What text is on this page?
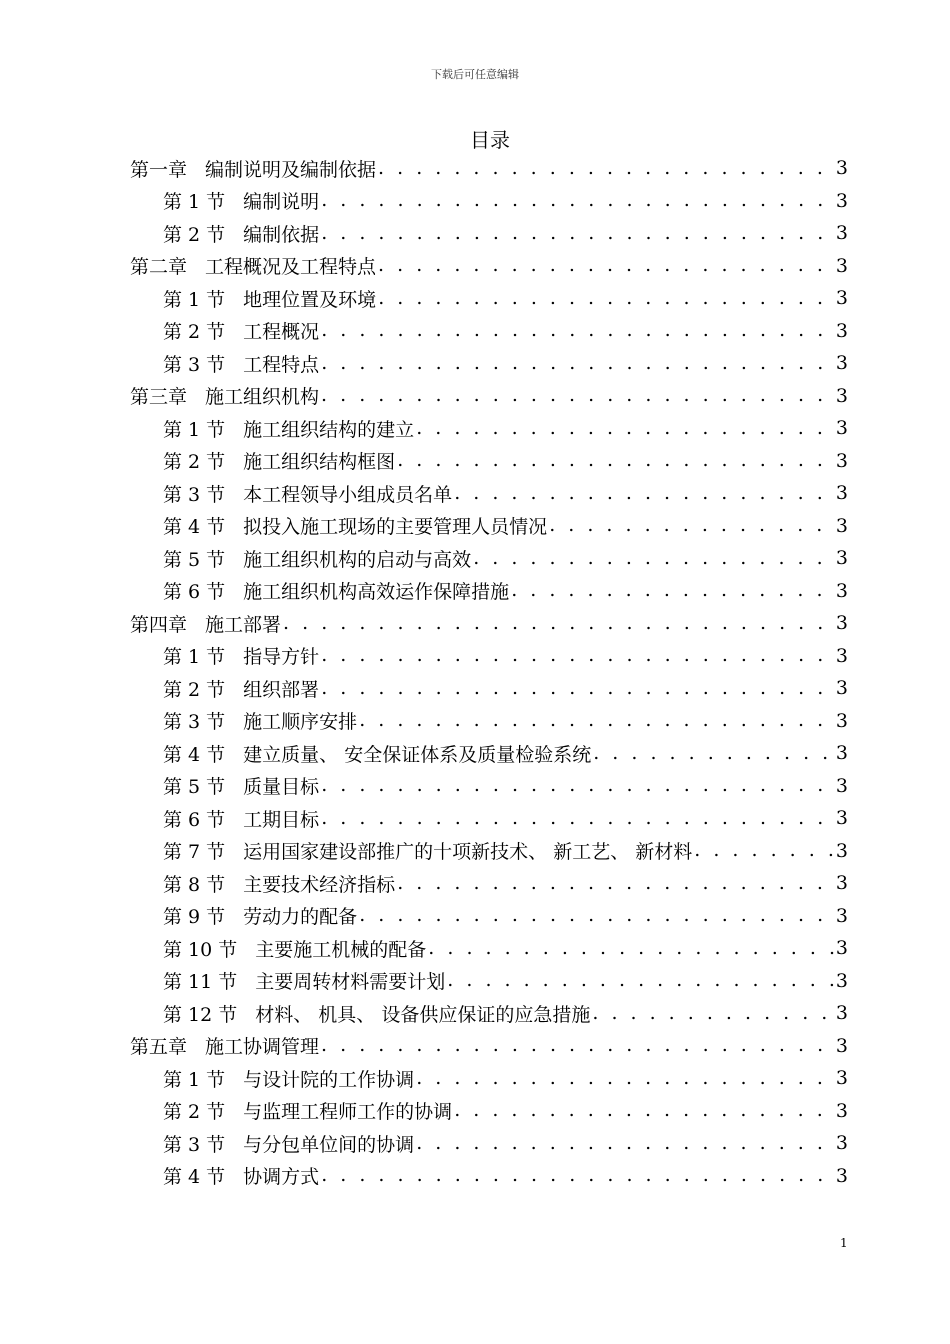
下载后可任意编辑
目录
第一章 编制说明及编制依据 . . .	3
第 1 节 编制说明 . . .	3
第 2 节 编制依据 . . .	3
第二章 工程概况及工程特点 . . .	3
第 1 节 地理位置及环境 . . .	3
第 2 节 工程概况 . . .	3
第 3 节 工程特点 . . .	3
第三章 施工组织机构 . . .	3
第 1 节 施工组织结构的建立 . . .	3
第 2 节 施工组织结构框图 . . .	3
第 3 节 本工程领导小组成员名单 . . .	3
第 4 节 拟投入施工现场的主要管理人员情况 . . .	3
第 5 节 施工组织机构的启动与高效 . . .	3
第 6 节 施工组织机构高效运作保障措施 . . .	3
第四章 施工部署 . . .	3
第 1 节 指导方针 . . .	3
第 2 节 组织部署 . . .	3
第 3 节 施工顺序安排 . . .	3
第 4 节 建立质量、 安全保证体系及质量检验系统 . . .	3
第 5 节 质量目标 . . .	3
第 6 节 工期目标 . . .	3
第 7 节 运用国家建设部推广的十项新技术、 新工艺、 新材料 . . .	3
第 8 节 主要技术经济指标 . . .	3
第 9 节 劳动力的配备 . . .	3
第 10 节 主要施工机械的配备 . . .	3
第 11 节 主要周转材料需要计划 . . .	3
第 12 节 材料、 机具、 设备供应保证的应急措施 . . .	3
第五章 施工协调管理 . . .	3
第 1 节 与设计院的工作协调 . . .	3
第 2 节 与监理工程师工作的协调 . . .	3
第 3 节 与分包单位间的协调 . . .	3
第 4 节 协调方式 . . .	3
1
